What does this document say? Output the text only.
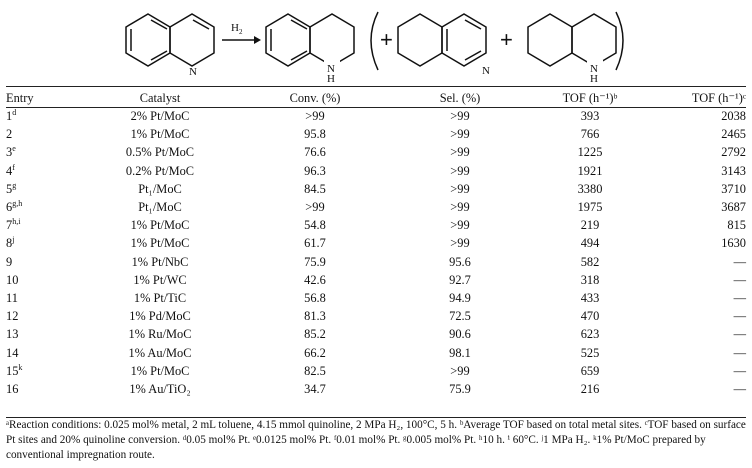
H 2
N	N
H
N	N
H
+	+
Entry	Catalyst	Conv. (%)	Sel. (%)	TOF (h⁻¹)ᵇ	TOF (h⁻¹)ᶜ
1$^d$	2% Pt/MoC	>99	>99	393	2038
2	1% Pt/MoC	95.8	>99	766	2465
3e	0.5% Pt/MoC	76.6	>99	1225	2792
4$^f$	0.2% Pt/MoC	96.3	>99	1921	3143
5$^g$	Pt₁/MoC	84.5	>99	3380	3710
6$^{g,h}$	Pt₁/MoC	>99	>99	1975	3687
7$^{h,i}$	1% Pt/MoC	54.8	>99	219	815
8$^j$	1% Pt/MoC	61.7	>99	494	1630
9	1% Pt/NbC	75.9	95.6	582	—
10	1% Pt/WC	42.6	92.7	318	—
11	1% Pt/TiC	56.8	94.9	433	—
12	1% Pd/MoC	81.3	72.5	470	—
13	1% Ru/MoC	85.2	90.6	623	—
14	1% Au/MoC	66.2	98.1	525	—
15$^k$	1% Pt/MoC	82.5	>99	659	—
16	1% Au/TiO₂	34.7	75.9	216	—
ᵃReaction conditions: 0.025 mol% metal, 2 mL toluene, 4.15 mmol quinoline, 2 MPa H₂, 100°C, 5 h. ᵇAverage TOF based on total metal sites. ᶜTOF based on surface Pt sites and 20% quinoline conversion. ᵈ0.05 mol% Pt. ᵉ0.0125 mol% Pt. ᶠ0.01 mol% Pt. ᵍ0.005 mol% Pt. ʰ10 h. ⁱ 60°C. ʲ1 MPa H₂. ᵏ1% Pt/MoC prepared by conventional impregnation route.
